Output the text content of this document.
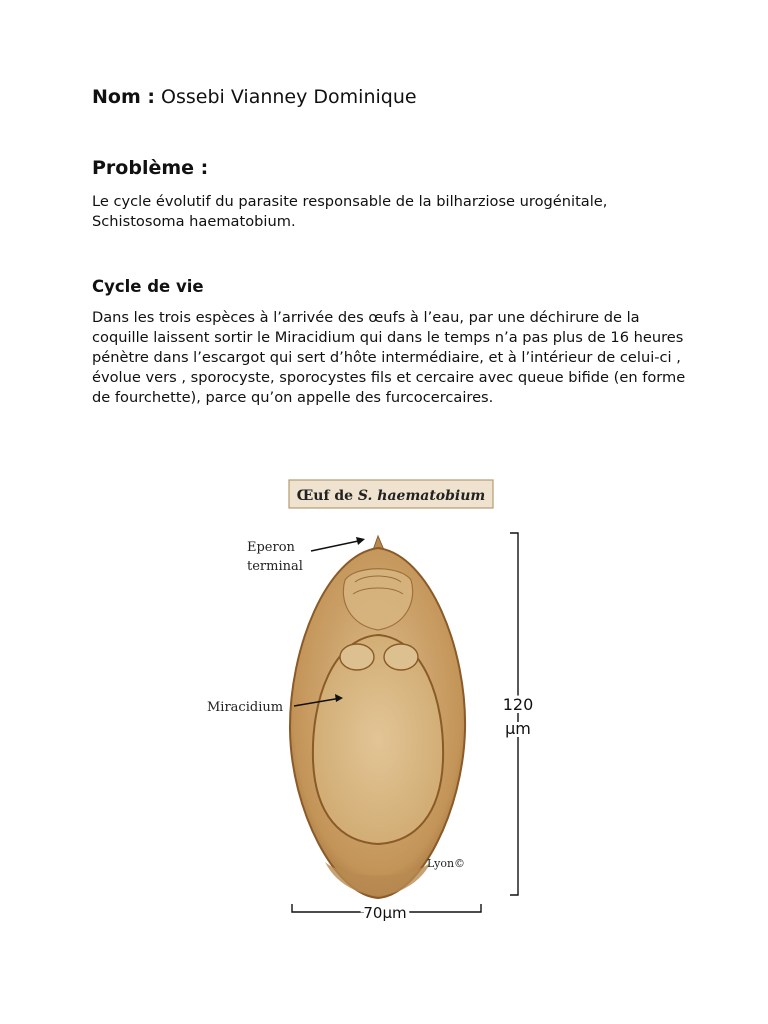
Nom : Ossebi Vianney Dominique
Problème :
Le cycle évolutif du parasite responsable de la bilharziose urogénitale, Schistosoma haematobium.
Cycle de vie
Dans les trois espèces à l’arrivée des œufs à l’eau, par une déchirure de la coquille laissent sortir le Miracidium qui dans le temps n’a pas plus de 16 heures pénètre dans l’escargot qui sert d’hôte intermédiaire, et à l’intérieur de celui-ci , évolue vers , sporocyste, sporocystes fils et cercaire avec queue bifide (en forme de fourchette), parce qu’on appelle des furcocercaires.
Œuf de S. haematobium
Eperon
terminal
Miracidium	120
µm
Lyon©
70µm
